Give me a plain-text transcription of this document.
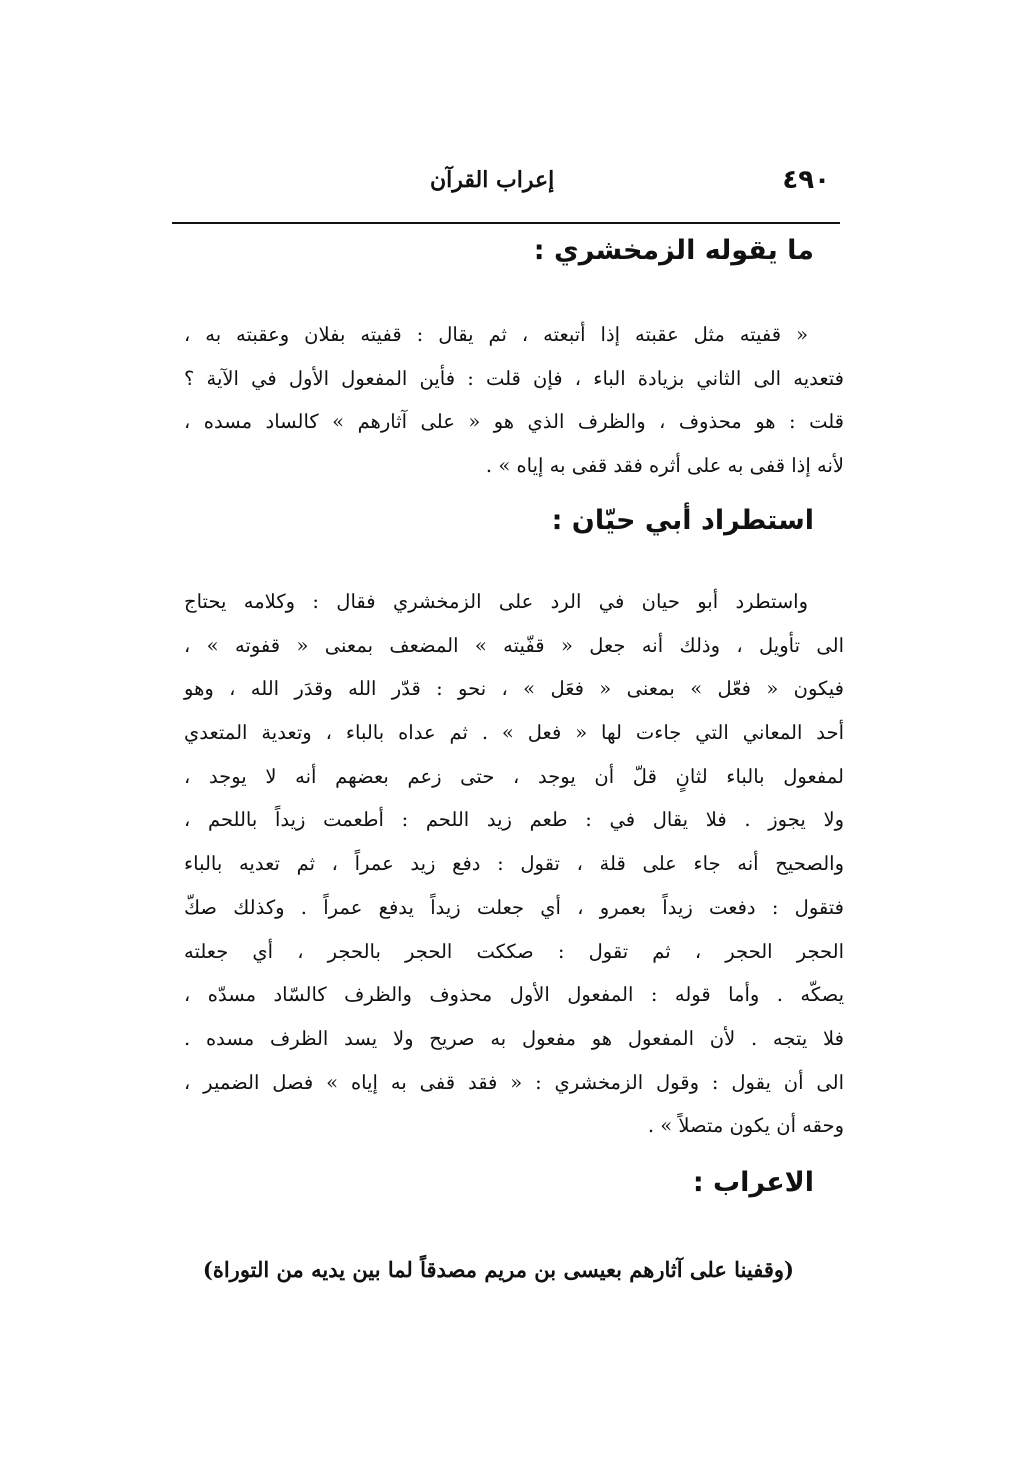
٤٩٠
إعراب القرآن
ما يقوله الزمخشري :
« قفيته مثل عقبته إذا أتبعته ، ثم يقال : قفيته بفلان وعقبته به ،
فتعديه الى الثاني بزيادة الباء ، فإن قلت : فأين المفعول الأول في الآية ؟
قلت : هو محذوف ، والظرف الذي هو « على آثارهم » كالساد مسده ،
لأنه إذا قفى به على أثره فقد قفى به إياه » .
استطراد أبي حيّان :
واستطرد أبو حيان في الرد على الزمخشري فقال : وكلامه يحتاج
الى تأويل ، وذلك أنه جعل « قفّيته » المضعف بمعنى « قفوته » ،
فيكون « فعّل » بمعنى « فعَل » ، نحو : قدّر الله وقدَر الله ، وهو
أحد المعاني التي جاءت لها « فعل » . ثم عداه بالباء ، وتعدية المتعدي
لمفعول بالباء لثانٍ قلّ أن يوجد ، حتى زعم بعضهم أنه لا يوجد ،
ولا يجوز . فلا يقال في : طعم زيد اللحم : أطعمت زيداً باللحم ،
والصحيح أنه جاء على قلة ، تقول : دفع زيد عمراً ، ثم تعديه بالباء
فتقول : دفعت زيداً بعمرو ، أي جعلت زيداً يدفع عمراً . وكذلك صكّ
الحجر الحجر ، ثم تقول : صككت الحجر بالحجر ، أي جعلته
يصكّه . وأما قوله : المفعول الأول محذوف والظرف كالسّاد مسدّه ،
فلا يتجه . لأن المفعول هو مفعول به صريح ولا يسد الظرف مسده .
الى أن يقول : وقول الزمخشري : « فقد قفى به إياه » فصل الضمير ،
وحقه أن يكون متصلاً » .
الاعراب :
(وقفينا على آثارهم بعيسى بن مريم مصدقاً لما بين يديه من التوراة)
